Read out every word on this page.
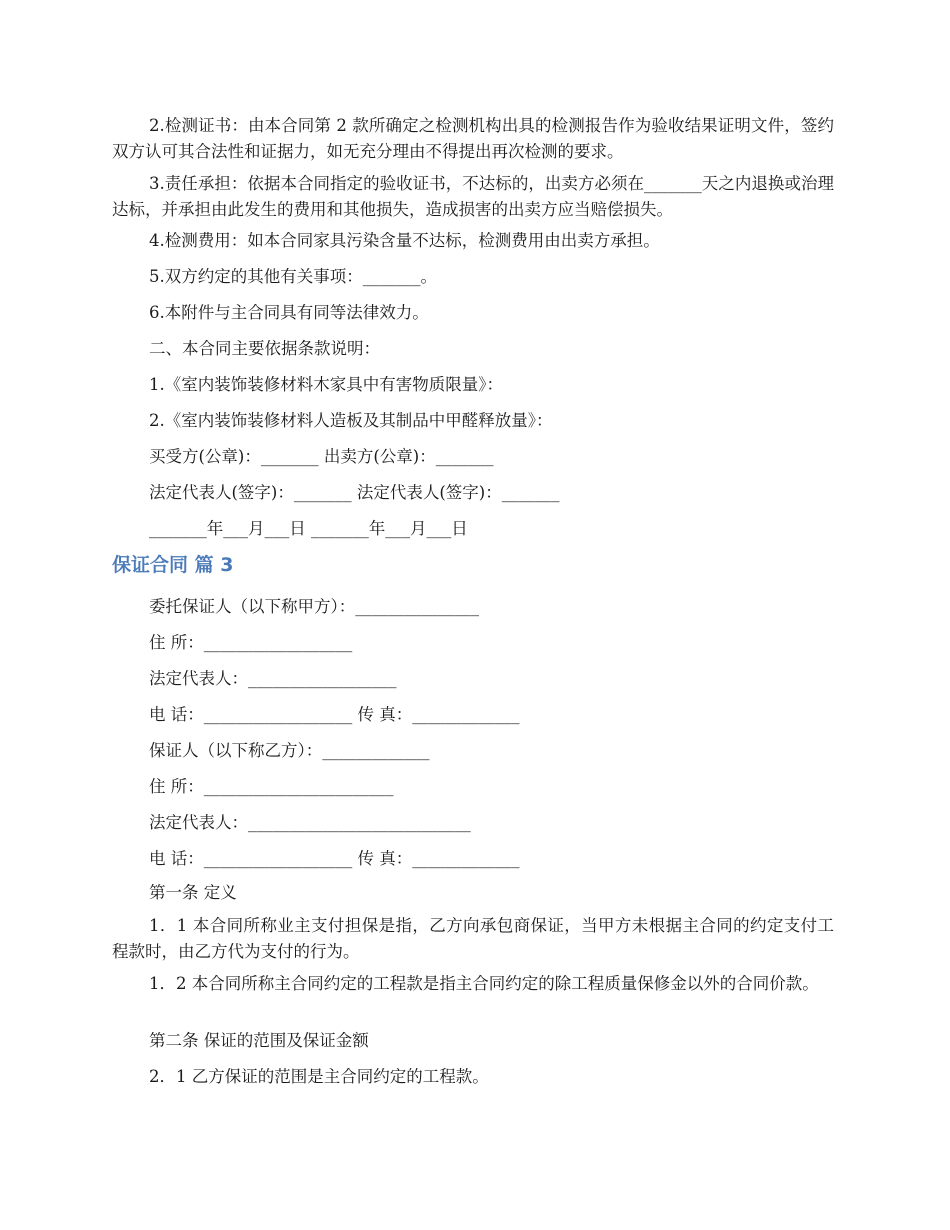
2.检测证书：由本合同第 2 款所确定之检测机构出具的检测报告作为验收结果证明文件，签约双方认可其合法性和证据力，如无充分理由不得提出再次检测的要求。

3.责任承担：依据本合同指定的验收证书，不达标的，出卖方必须在_______天之内退换或治理达标，并承担由此发生的费用和其他损失，造成损害的出卖方应当赔偿损失。

4.检测费用：如本合同家具污染含量不达标，检测费用由出卖方承担。

5.双方约定的其他有关事项：_______。

6.本附件与主合同具有同等法律效力。

二、本合同主要依据条款说明：

1.《室内装饰装修材料木家具中有害物质限量》：

2.《室内装饰装修材料人造板及其制品中甲醛释放量》：

买受方(公章)：_______ 出卖方(公章)：_______

法定代表人(签字)：_______ 法定代表人(签字)：_______

_______年___月___日 _______年___月___日

保证合同 篇 3

委托保证人（以下称甲方）：_______________

住 所：__________________

法定代表人：__________________

电 话：__________________ 传 真：_____________

保证人（以下称乙方）：_____________

住 所：_______________________

法定代表人：___________________________

电 话：__________________ 传 真：_____________

第一条 定义

1．1 本合同所称业主支付担保是指，乙方向承包商保证，当甲方未根据主合同的约定支付工程款时，由乙方代为支付的行为。

1．2 本合同所称主合同约定的工程款是指主合同约定的除工程质量保修金以外的合同价款。

第二条 保证的范围及保证金额

2．1 乙方保证的范围是主合同约定的工程款。
